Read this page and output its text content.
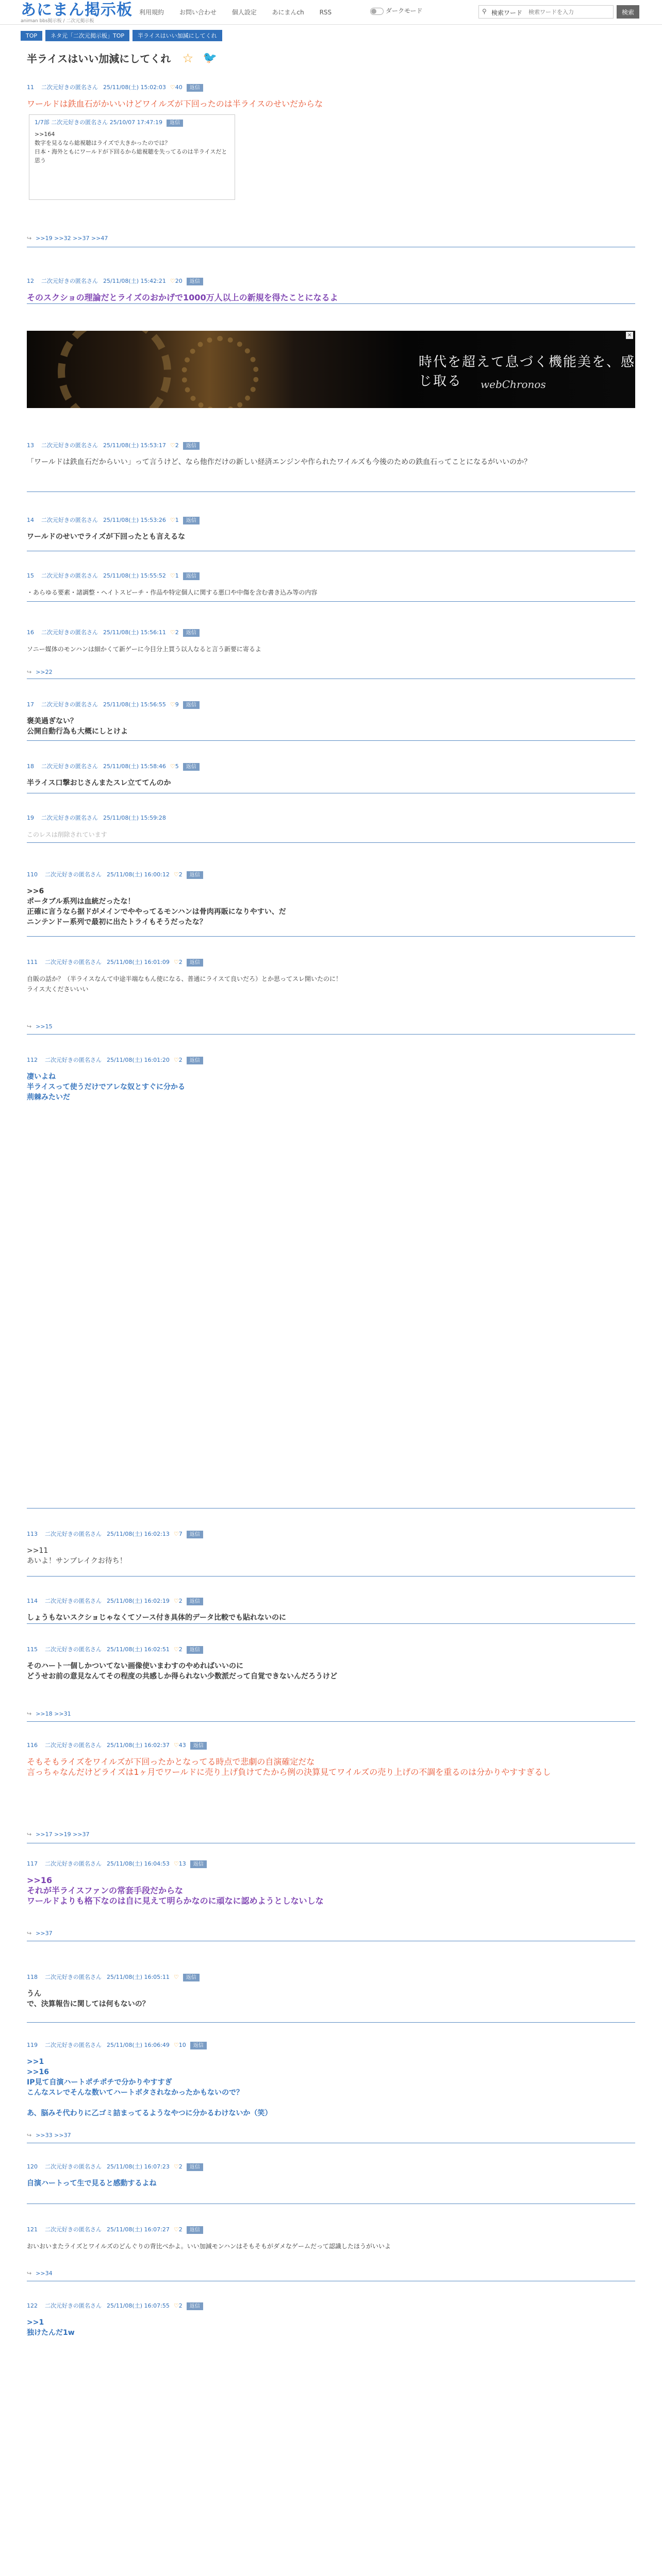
あにまん掲示板
animan bbs掲示板 / 二次元掲示板
利用規約 お問い合わせ 個人設定 あにまんch RSS	ダークモード	⚲ 検索ワード
検索ワードを入力	検索
TOP ネタ元「二次元掲示板」TOP 半ライスはいい加減にしてくれ
半ライスはいい加減にしてくれ ☆ 🐦
時代を超えて息づく機能美を、感じ取る	webChronos
×
11 二次元好きの匿名さん 25/11/08(土) 15:02:03 ♡40 返信
ワールドは鉄血石がかいいけどワイルズが下回ったのは半ライスのせいだからな
1/7部 二次元好きの匿名さん 25/10/07 17:47:19 返信
>>164
数字を見るなら総視聴はライズで大きかったのでは？
日本・海外ともにワールドが下回るから総視聴を失ってるのは半ライスだと思う
↪ >>19 >>32 >>37 >>47
12 二次元好きの匿名さん 25/11/08(土) 15:42:21 ♡20 返信
そのスクショの理論だとライズのおかげで1000万人以上の新規を得たことになるよ
13 二次元好きの匿名さん 25/11/08(土) 15:53:17 ♡2 返信
「ワールドは鉄血石だからいい」って言うけど、なら他作だけの新しい経済エンジンや作られたワイルズも今後のための鉄血石ってことになるがいいのか？
14 二次元好きの匿名さん 25/11/08(土) 15:53:26 ♡1 返信
ワールドのせいでライズが下回ったとも言えるな
15 二次元好きの匿名さん 25/11/08(土) 15:55:52 ♡1 返信
・あらゆる要素・諸調整・ヘイトスピーチ・作品や特定個人に関する悪口や中傷を含む書き込み等の内容
16 二次元好きの匿名さん 25/11/08(土) 15:56:11 ♡2 返信
ソニー媒体のモンハンは細かくて新ゲーに今目分上買う以人なると言う新要に寄るよ
↪ >>22
17 二次元好きの匿名さん 25/11/08(土) 15:56:55 ♡9 返信
褒美過ぎない？
公開自動行為も大概にしとけよ
18 二次元好きの匿名さん 25/11/08(土) 15:58:46 ♡5 返信
半ライス口撃おじさんまたスレ立ててんのか
19 二次元好きの匿名さん 25/11/08(土) 15:59:28
このレスは削除されています
110 二次元好きの匿名さん 25/11/08(土) 16:00:12 ♡2 返信
>>6
ポータブル系列は血統だったな！
正確に言うなら据ドがメインでややってるモンハンは骨肉再販になりやすい、だ
ニンテンドー系列で最初に出たトライもそうだったな？
111 二次元好きの匿名さん 25/11/08(土) 16:01:09 ♡2 返信
自販の話か？（半ライスなんて中途半端なもん使になる、普通にライスて良いだろ）とか思ってスレ開いたのに！
ライス大くださいいい
↪ >>15
112 二次元好きの匿名さん 25/11/08(土) 16:01:20 ♡2 返信
凄いよね
半ライスって使うだけでアレな奴とすぐに分かる
荊棘みたいだ
113 二次元好きの匿名さん 25/11/08(土) 16:02:13 ♡7 返信
>>11
あいよ！サンブレイクお待ち！
114 二次元好きの匿名さん 25/11/08(土) 16:02:19 ♡2 返信
しょうもないスクショじゃなくてソース付き具体的データ比較でも貼れないのに
115 二次元好きの匿名さん 25/11/08(土) 16:02:51 ♡2 返信
そのハート一個しかついてない画像使いまわすのやめればいいのに
どうせお前の意見なんてその程度の共感しか得られない少数派だって自覚できないんだろうけど
↪ >>18 >>31
116 二次元好きの匿名さん 25/11/08(土) 16:02:37 ♡43 返信
そもそもライズをワイルズが下回ったかとなってる時点で悲劇の自演確定だな
言っちゃなんだけどライズは1ヶ月でワールドに売り上げ負けてたから例の決算見てワイルズの売り上げの不調を重るのは分かりやすすぎるし
↪ >>17 >>19 >>37
117 二次元好きの匿名さん 25/11/08(土) 16:04:53 ♡13 返信
>>16
それが半ライスファンの常套手段だからな
ワールドよりも格下なのは自に見えて明らかなのに頑なに認めようとしないしな
↪ >>37
118 二次元好きの匿名さん 25/11/08(土) 16:05:11 ♡ 返信
うん
で、決算報告に関しては何もないの？
119 二次元好きの匿名さん 25/11/08(土) 16:06:49 ♡10 返信
>>1
>>16
IP見て自演ハートポチポチで分かりやすすぎ
こんなスレでそんな数いてハートボタされなかったかもないので？

あ、脳みそ代わりに乙ゴミ詰まってるようなやつに分かるわけないか（笑）
↪ >>33 >>37
120 二次元好きの匿名さん 25/11/08(土) 16:07:23 ♡2 返信
自演ハートって生で見ると感動するよね
121 二次元好きの匿名さん 25/11/08(土) 16:07:27 ♡2 返信
おいおいまたライズとワイルズのどんぐりの背比べかよ。いい加減モンハンはそもそもがダメなゲームだって認識したほうがいいよ
↪ >>34
122 二次元好きの匿名さん 25/11/08(土) 16:07:55 ♡2 返信
>>1
独けたんだ1w
